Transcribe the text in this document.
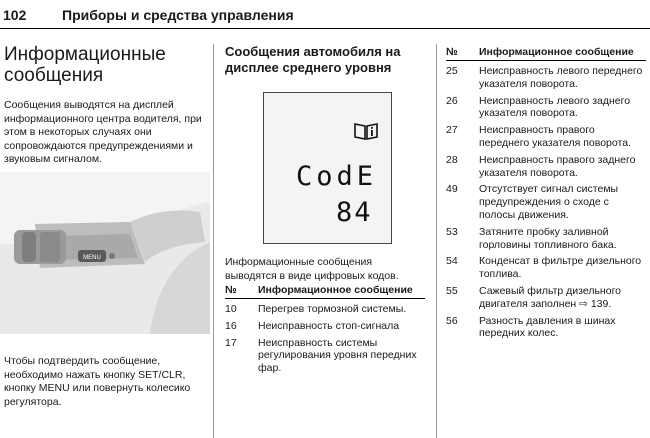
102	Приборы и средства управления
Информационные сообщения
Сообщения выводятся на дисплей информационного центра водителя, при этом в некоторых случаях они сопровождаются предупреждениями и звуковым сигналом.
MENU
Чтобы подтвердить сообщение, необходимо нажать кнопку SET/CLR, кнопку MENU или повернуть колесико регулятора.
Сообщения автомобиля на дисплее среднего уровня
CodE
84
Информационные сообщения выводятся в виде цифровых кодов.
№ Информационное сообщение
10 Перегрев тормозной системы.
16 Неисправность стоп-сигнала
17 Неисправность системы регулирования уровня передних фар.
№ Информационное сообщение
25 Неисправность левого переднего указателя поворота.
26 Неисправность левого заднего указателя поворота.
27 Неисправность правого переднего указателя поворота.
28 Неисправность правого заднего указателя поворота.
49 Отсутствует сигнал системы предупреждения о сходе с полосы движения.
53 Затяните пробку заливной горловины топливного бака.
54 Конденсат в фильтре дизельного топлива.
55 Сажевый фильтр дизельного двигателя заполнен ⇨ 139.
56 Разность давления в шинах передних колес.
